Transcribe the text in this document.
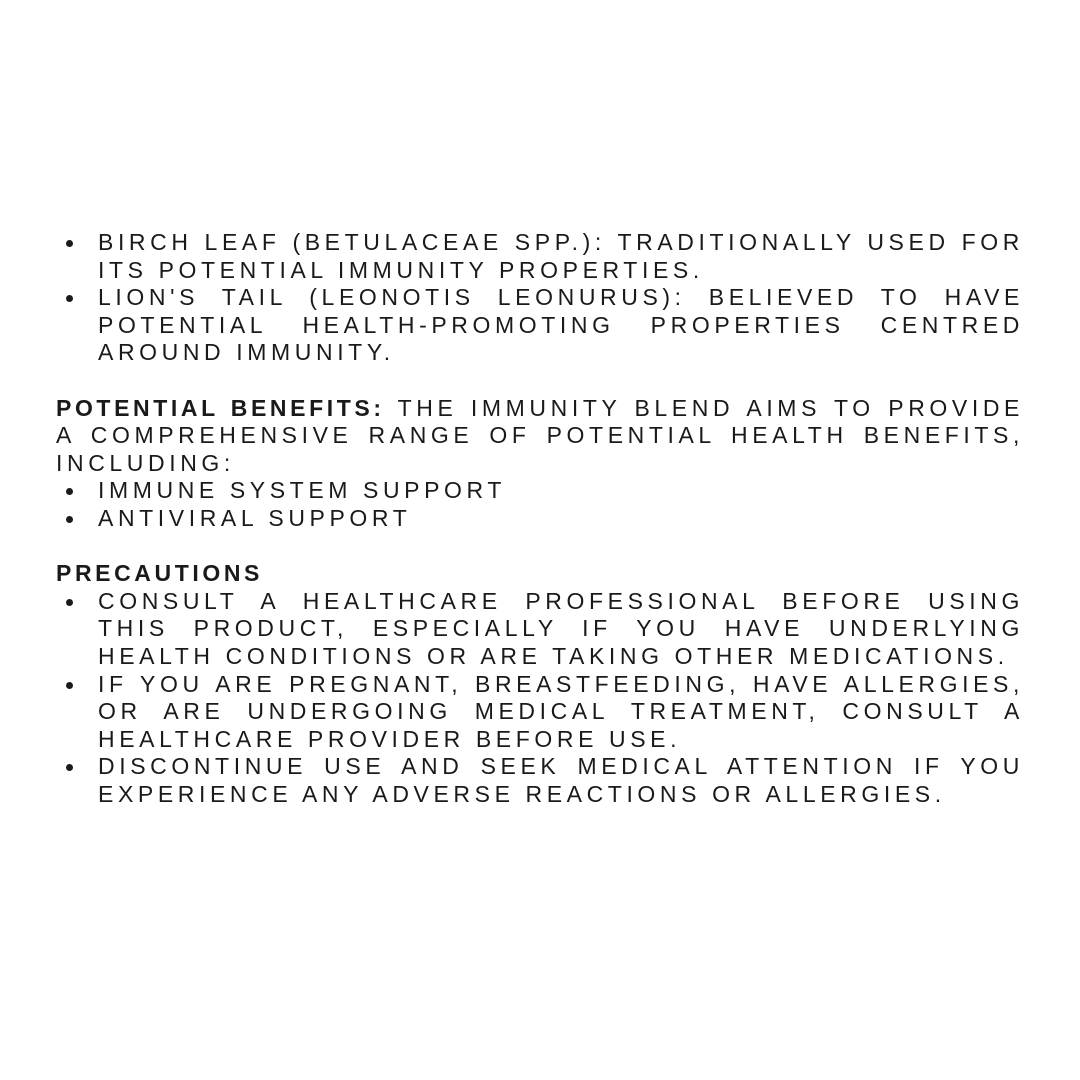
BIRCH LEAF (BETULACEAE SPP.): TRADITIONALLY USED FOR ITS POTENTIAL IMMUNITY PROPERTIES.
LION'S TAIL (LEONOTIS LEONURUS): BELIEVED TO HAVE POTENTIAL HEALTH-PROMOTING PROPERTIES CENTRED AROUND IMMUNITY.

POTENTIAL BENEFITS: THE IMMUNITY BLEND AIMS TO PROVIDE A COMPREHENSIVE RANGE OF POTENTIAL HEALTH BENEFITS, INCLUDING:

IMMUNE SYSTEM SUPPORT
ANTIVIRAL SUPPORT
PRECAUTIONS
CONSULT A HEALTHCARE PROFESSIONAL BEFORE USING THIS PRODUCT, ESPECIALLY IF YOU HAVE UNDERLYING HEALTH CONDITIONS OR ARE TAKING OTHER MEDICATIONS.
IF YOU ARE PREGNANT, BREASTFEEDING, HAVE ALLERGIES, OR ARE UNDERGOING MEDICAL TREATMENT, CONSULT A HEALTHCARE PROVIDER BEFORE USE.
DISCONTINUE USE AND SEEK MEDICAL ATTENTION IF YOU EXPERIENCE ANY ADVERSE REACTIONS OR ALLERGIES.
